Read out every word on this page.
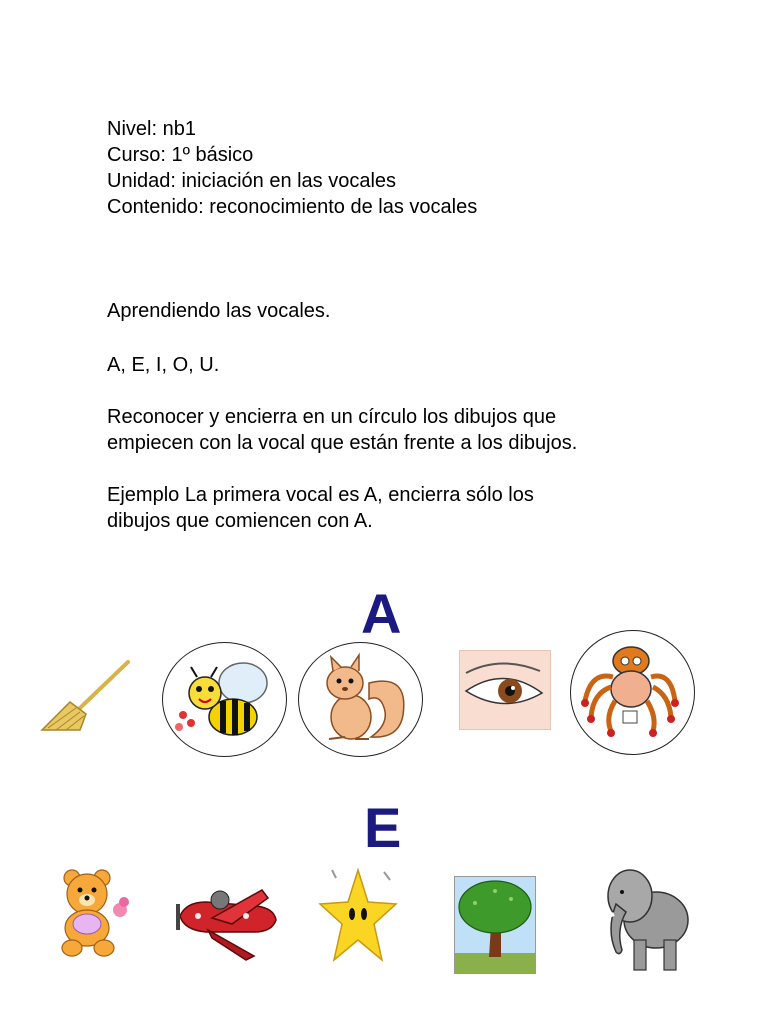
Nivel: nb1
Curso: 1º básico
Unidad: iniciación en las vocales
Contenido: reconocimiento de las vocales

Aprendiendo las vocales.

A, E, I, O, U.

Reconocer y encierra en un círculo los dibujos que
empiecen con la vocal que están frente a los dibujos.
Ejemplo La primera vocal es A, encierra sólo los
dibujos que comiencen con A.
A
E
